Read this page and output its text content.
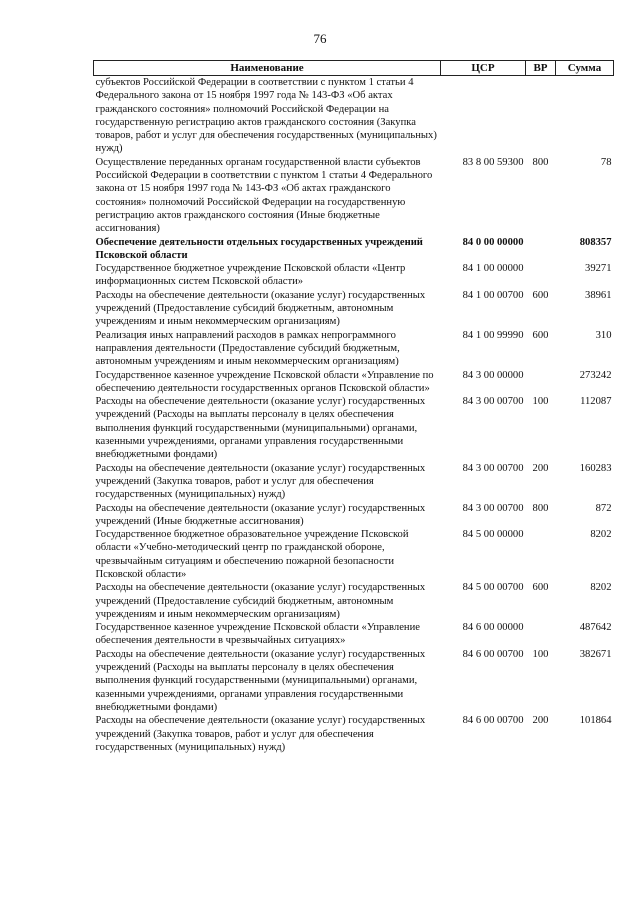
76
Наименование	ЦСР	ВР	Сумма
субъектов Российской Федерации в соответствии с пунктом 1 статьи 4 Федерального закона от 15 ноября 1997 года № 143-ФЗ «Об актах гражданского состояния» полномочий Российской Федерации на государственную регистрацию актов гражданского состояния (Закупка товаров, работ и услуг для обеспечения государственных (муниципальных) нужд)			
Осуществление переданных органам государственной власти субъектов Российской Федерации в соответствии с пунктом 1 статьи 4 Федерального закона от 15 ноября 1997 года № 143-ФЗ «Об актах гражданского состояния» полномочий Российской Федерации на государственную регистрацию актов гражданского состояния (Иные бюджетные ассигнования)	83 8 00 59300	800	78
Обеспечение деятельности отдельных государственных учреждений Псковской области	84 0 00 00000		808357
Государственное бюджетное учреждение Псковской области «Центр информационных систем Псковской области»	84 1 00 00000		39271
Расходы на обеспечение деятельности (оказание услуг) государственных учреждений (Предоставление субсидий бюджетным, автономным учреждениям и иным некоммерческим организациям)	84 1 00 00700	600	38961
Реализация иных направлений расходов в рамках непрограммного направления деятельности (Предоставление субсидий бюджетным, автономным учреждениям и иным некоммерческим организациям)	84 1 00 99990	600	310
Государственное казенное учреждение Псковской области «Управление по обеспечению деятельности государственных органов Псковской области»	84 3 00 00000		273242
Расходы на обеспечение деятельности (оказание услуг) государственных учреждений (Расходы на выплаты персоналу в целях обеспечения выполнения функций государственными (муниципальными) органами, казенными учреждениями, органами управления государственными внебюджетными фондами)	84 3 00 00700	100	112087
Расходы на обеспечение деятельности (оказание услуг) государственных учреждений (Закупка товаров, работ и услуг для обеспечения государственных (муниципальных) нужд)	84 3 00 00700	200	160283
Расходы на обеспечение деятельности (оказание услуг) государственных учреждений (Иные бюджетные ассигнования)	84 3 00 00700	800	872
Государственное бюджетное образовательное учреждение Псковской области «Учебно-методический центр по гражданской обороне, чрезвычайным ситуациям и обеспечению пожарной безопасности Псковской области»	84 5 00 00000		8202
Расходы на обеспечение деятельности (оказание услуг) государственных учреждений (Предоставление субсидий бюджетным, автономным учреждениям и иным некоммерческим организациям)	84 5 00 00700	600	8202
Государственное казенное учреждение Псковской области «Управление обеспечения деятельности в чрезвычайных ситуациях»	84 6 00 00000		487642
Расходы на обеспечение деятельности (оказание услуг) государственных учреждений (Расходы на выплаты персоналу в целях обеспечения выполнения функций государственными (муниципальными) органами, казенными учреждениями, органами управления государственными внебюджетными фондами)	84 6 00 00700	100	382671
Расходы на обеспечение деятельности (оказание услуг) государственных учреждений (Закупка товаров, работ и услуг для обеспечения государственных (муниципальных) нужд)	84 6 00 00700	200	101864
